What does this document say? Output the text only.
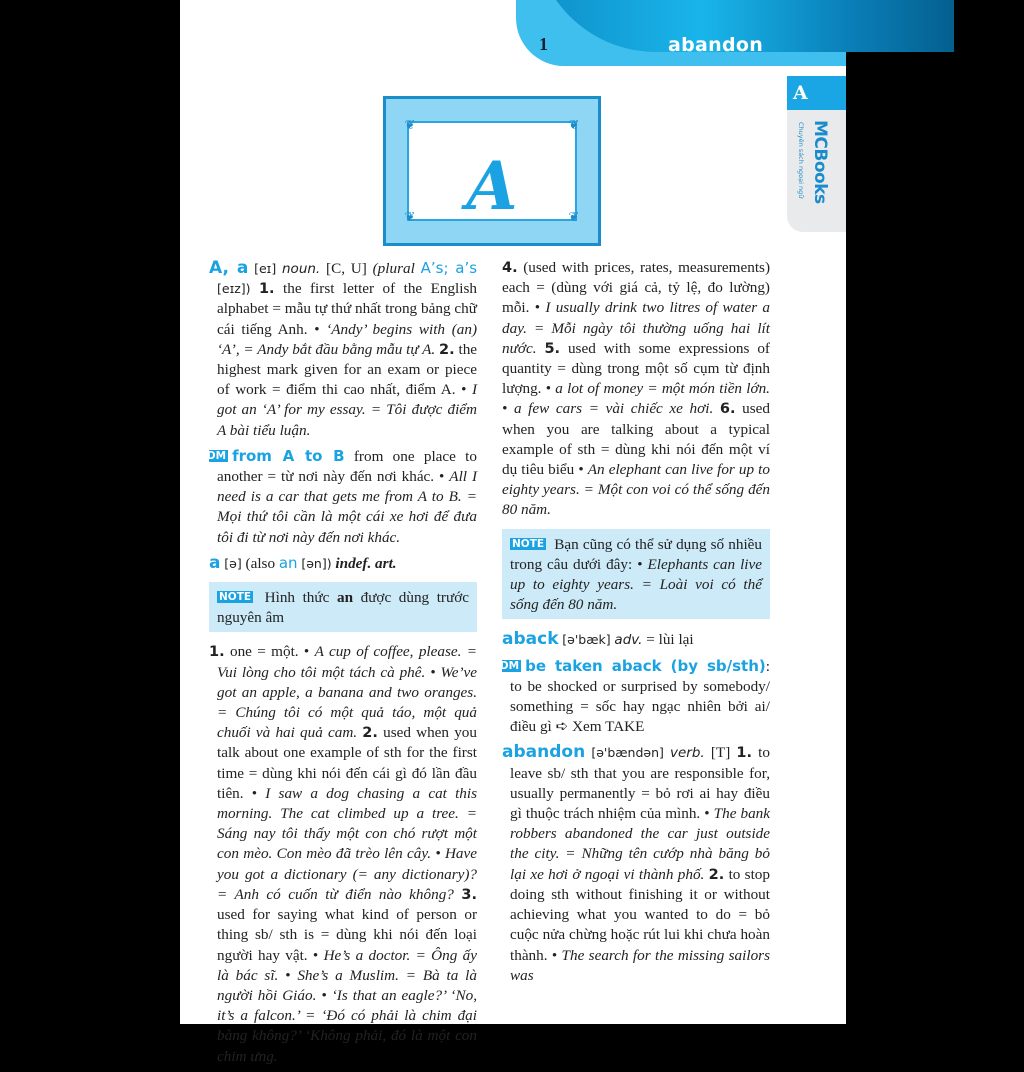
1	abandon
A
MCBooks
Chuyên sách ngoại ngữ
A
❦	❦
❦	❦
A, a [eɪ] noun. [C, U] (plural A’s; a’s [eɪz]) 1. the first letter of the English alphabet = mẫu tự thứ nhất trong bảng chữ cái tiếng Anh. • ‘Andy’ begins with (an) ‘A’, = Andy bắt đầu bằng mẫu tự A. 2. the highest mark given for an exam or piece of work = điểm thi cao nhất, điểm A. • I got an ‘A’ for my essay. = Tôi được điểm A bài tiểu luận.
IDM from A to B from one place to another = từ nơi này đến nơi khác. • All I need is a car that gets me from A to B. = Mọi thứ tôi cần là một cái xe hơi để đưa tôi đi từ nơi này đến nơi khác.
a [ə] (also an [ən]) indef. art.
NOTE Hình thức an được dùng trước nguyên âm
1. one = một. • A cup of coffee, please. = Vui lòng cho tôi một tách cà phê. • We’ve got an apple, a banana and two oranges. = Chúng tôi có một quả táo, một quả chuối và hai quả cam. 2. used when you talk about one example of sth for the first time = dùng khi nói đến cái gì đó lần đầu tiên. • I saw a dog chasing a cat this morning. The cat climbed up a tree. = Sáng nay tôi thấy một con chó rượt một con mèo. Con mèo đã trèo lên cây. • Have you got a dictionary (= any dictionary)? = Anh có cuốn từ điển nào không? 3. used for saying what kind of person or thing sb/ sth is = dùng khi nói đến loại người hay vật. • He’s a doctor. = Ông ấy là bác sĩ. • She’s a Muslim. = Bà ta là người hồi Giáo. • ‘Is that an eagle?’ ‘No, it’s a falcon.’ = ‘Đó có phải là chim đại bàng không?’ ‘Không phải, đó là một con chim ưng.
4. (used with prices, rates, measurements) each = (dùng với giá cả, tỷ lệ, đo lường) mỗi. • I usually drink two litres of water a day. = Mỗi ngày tôi thường uống hai lít nước. 5. used with some expressions of quantity = dùng trong một số cụm từ định lượng. • a lot of money = một món tiền lớn. • a few cars = vài chiếc xe hơi. 6. used when you are talking about a typical example of sth = dùng khi nói đến một ví dụ tiêu biểu • An elephant can live for up to eighty years. = Một con voi có thể sống đến 80 năm.
NOTE Bạn cũng có thể sử dụng số nhiều trong câu dưới đây: • Elephants can live up to eighty years. = Loài voi có thể sống đến 80 năm.
aback [ə'bæk] adv. = lùi lại
IDM be taken aback (by sb/sth): to be shocked or surprised by somebody/ something = sốc hay ngạc nhiên bởi ai/ điều gì ➪ Xem TAKE
abandon [ə'bændən] verb. [T] 1. to leave sb/ sth that you are responsible for, usually permanently = bỏ rơi ai hay điều gì thuộc trách nhiệm của mình. • The bank robbers abandoned the car just outside the city. = Những tên cướp nhà băng bỏ lại xe hơi ở ngoại vi thành phố. 2. to stop doing sth without finishing it or without achieving what you wanted to do = bỏ cuộc nửa chừng hoặc rút lui khi chưa hoàn thành. • The search for the missing sailors was
